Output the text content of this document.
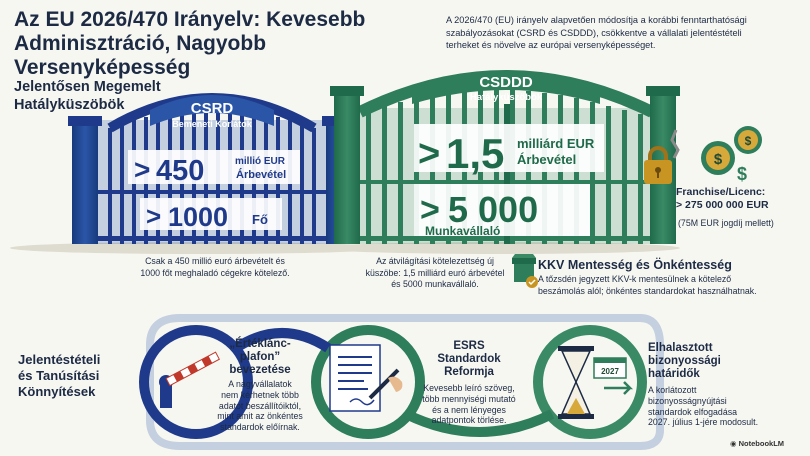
Az EU 2026/470 Irányelv: Kevesebb
Adminisztráció, Nagyobb Versenyképesség
A 2026/470 (EU) irányelv alapvetően módosítja a korábbi fenntarthatósági
szabályozásokat (CSRD és CSDDD), csökkentve a vállalati jelentéstételi
terheket és növelve az európai versenyképességet.
Jelentősen Megemelt
Hatályküszöbök	CSRD
Bemeneti Korlátok
> 450	millió EUR
Árbevétel
> 1000 Fő
CSDDD
Hatályküszöbök
> 1,5 milliárd EUR
Árbevétel
> 5 000
Munkavállaló
$
$
$
2027
Csak a 450 millió euró árbevételt és
1000 főt meghaladó cégekre kötelező.
Az átvilágítási kötelezettség új
küszöbe: 1,5 milliárd euró árbevétel
és 5000 munkavállaló.
Franchise/Licenc:
> 275 000 000 EUR
(75M EUR jogdíj mellett)
KKV Mentesség és Önkéntesség
A tőzsdén jegyzett KKV-k mentesülnek a kötelező
beszámolás alól; önkéntes standardokat használhatnak.
Jelentéstételi
és Tanúsítási
Könnyítések
„Értéklánc-
plafon”
bevezetése
A nagyvállalatok
nem kérhetnek több
adatot beszállítóiktól,
mint amit az önkéntes
standardok előírnak.
ESRS
Standardok
Reformja
Kevesebb leíró szöveg,
több mennyiségi mutató
és a nem lényeges
adatpontok törlése.
Elhalasztott
bizonyossági
határidők
A korlátozott
bizonyosságnyújtási
standardok elfogadása
2027. július 1-jére modosult.
◉ NotebookLM
